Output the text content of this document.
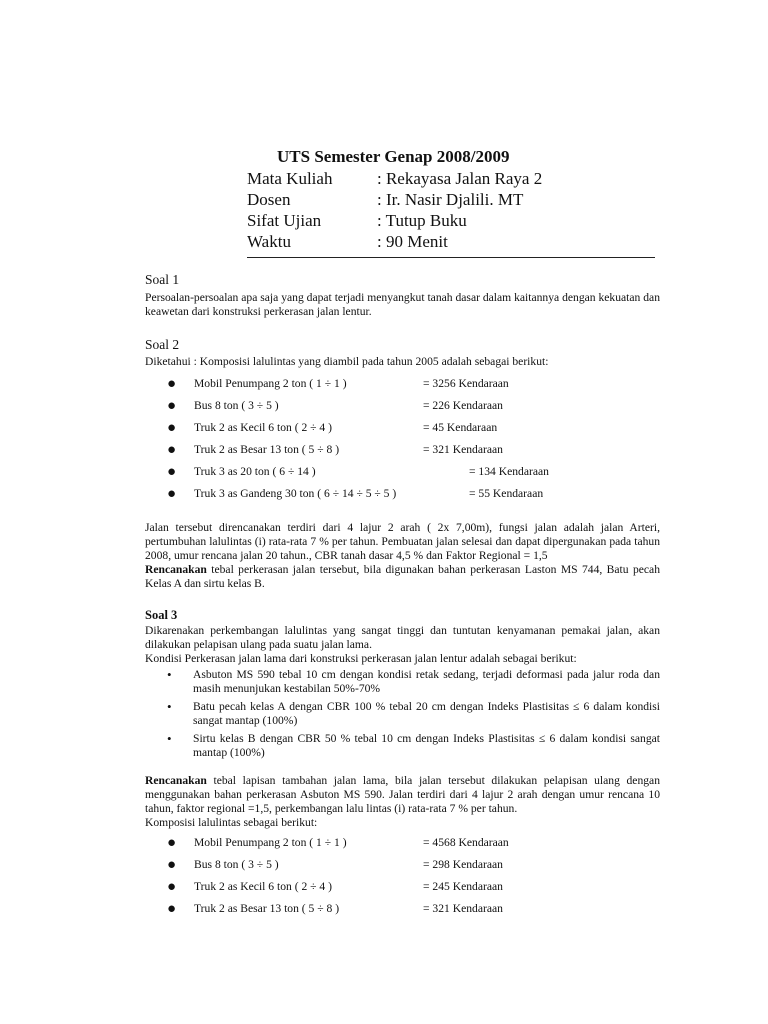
UTS Semester Genap 2008/2009
Mata Kuliah	: Rekayasa Jalan Raya 2
Dosen	: Ir. Nasir Djalili. MT
Sifat Ujian	: Tutup Buku
Waktu	: 90 Menit
Soal 1

Persoalan-persoalan apa saja yang dapat terjadi menyangkut tanah dasar dalam kaitannya dengan kekuatan dan keawetan dari konstruksi perkerasan jalan lentur.

Soal 2

Diketahui : Komposisi lalulintas yang diambil pada tahun 2005 adalah sebagai berikut:

● Mobil Penumpang 2 ton ( 1 ÷ 1 )	= 3256 Kendaraan
● Bus 8 ton ( 3 ÷ 5 )	= 226 Kendaraan
● Truk 2 as Kecil 6 ton ( 2 ÷ 4 )	= 45 Kendaraan
● Truk 2 as Besar 13 ton ( 5 ÷ 8 )	= 321 Kendaraan
● Truk 3 as 20 ton ( 6 ÷ 14 )	= 134 Kendaraan
● Truk 3 as Gandeng 30 ton ( 6 ÷ 14 ÷ 5 ÷ 5 )	= 55 Kendaraan

Jalan tersebut direncanakan terdiri dari 4 lajur 2 arah ( 2x 7,00m), fungsi jalan adalah jalan Arteri, pertumbuhan lalulintas (i) rata-rata 7 % per tahun. Pembuatan jalan selesai dan dapat dipergunakan pada tahun 2008, umur rencana jalan 20 tahun., CBR tanah dasar 4,5 % dan Faktor Regional = 1,5

Rencanakan tebal perkerasan jalan tersebut, bila digunakan bahan perkerasan Laston MS 744, Batu pecah Kelas A dan sirtu kelas B.

Soal 3

Dikarenakan perkembangan lalulintas yang sangat tinggi dan tuntutan kenyamanan pemakai jalan, akan dilakukan pelapisan ulang pada suatu jalan lama.

Kondisi Perkerasan jalan lama dari konstruksi perkerasan jalan lentur adalah sebagai berikut:

• Asbuton MS 590 tebal 10 cm dengan kondisi retak sedang, terjadi deformasi pada jalur roda dan masih menunjukan kestabilan 50%-70%
• Batu pecah kelas A dengan CBR 100 % tebal 20 cm dengan Indeks Plastisitas ≤ 6 dalam kondisi sangat mantap (100%)
• Sirtu kelas B dengan CBR 50 % tebal 10 cm dengan Indeks Plastisitas ≤ 6 dalam kondisi sangat mantap (100%)

Rencanakan tebal lapisan tambahan jalan lama, bila jalan tersebut dilakukan pelapisan ulang dengan menggunakan bahan perkerasan Asbuton MS 590. Jalan terdiri dari 4 lajur 2 arah dengan umur rencana 10 tahun, faktor regional =1,5, perkembangan lalu lintas (i) rata-rata 7 % per tahun.

Komposisi lalulintas sebagai berikut:

● Mobil Penumpang 2 ton ( 1 ÷ 1 )	= 4568 Kendaraan
● Bus 8 ton ( 3 ÷ 5 )	= 298 Kendaraan
● Truk 2 as Kecil 6 ton ( 2 ÷ 4 )	= 245 Kendaraan
● Truk 2 as Besar 13 ton ( 5 ÷ 8 )	= 321 Kendaraan
